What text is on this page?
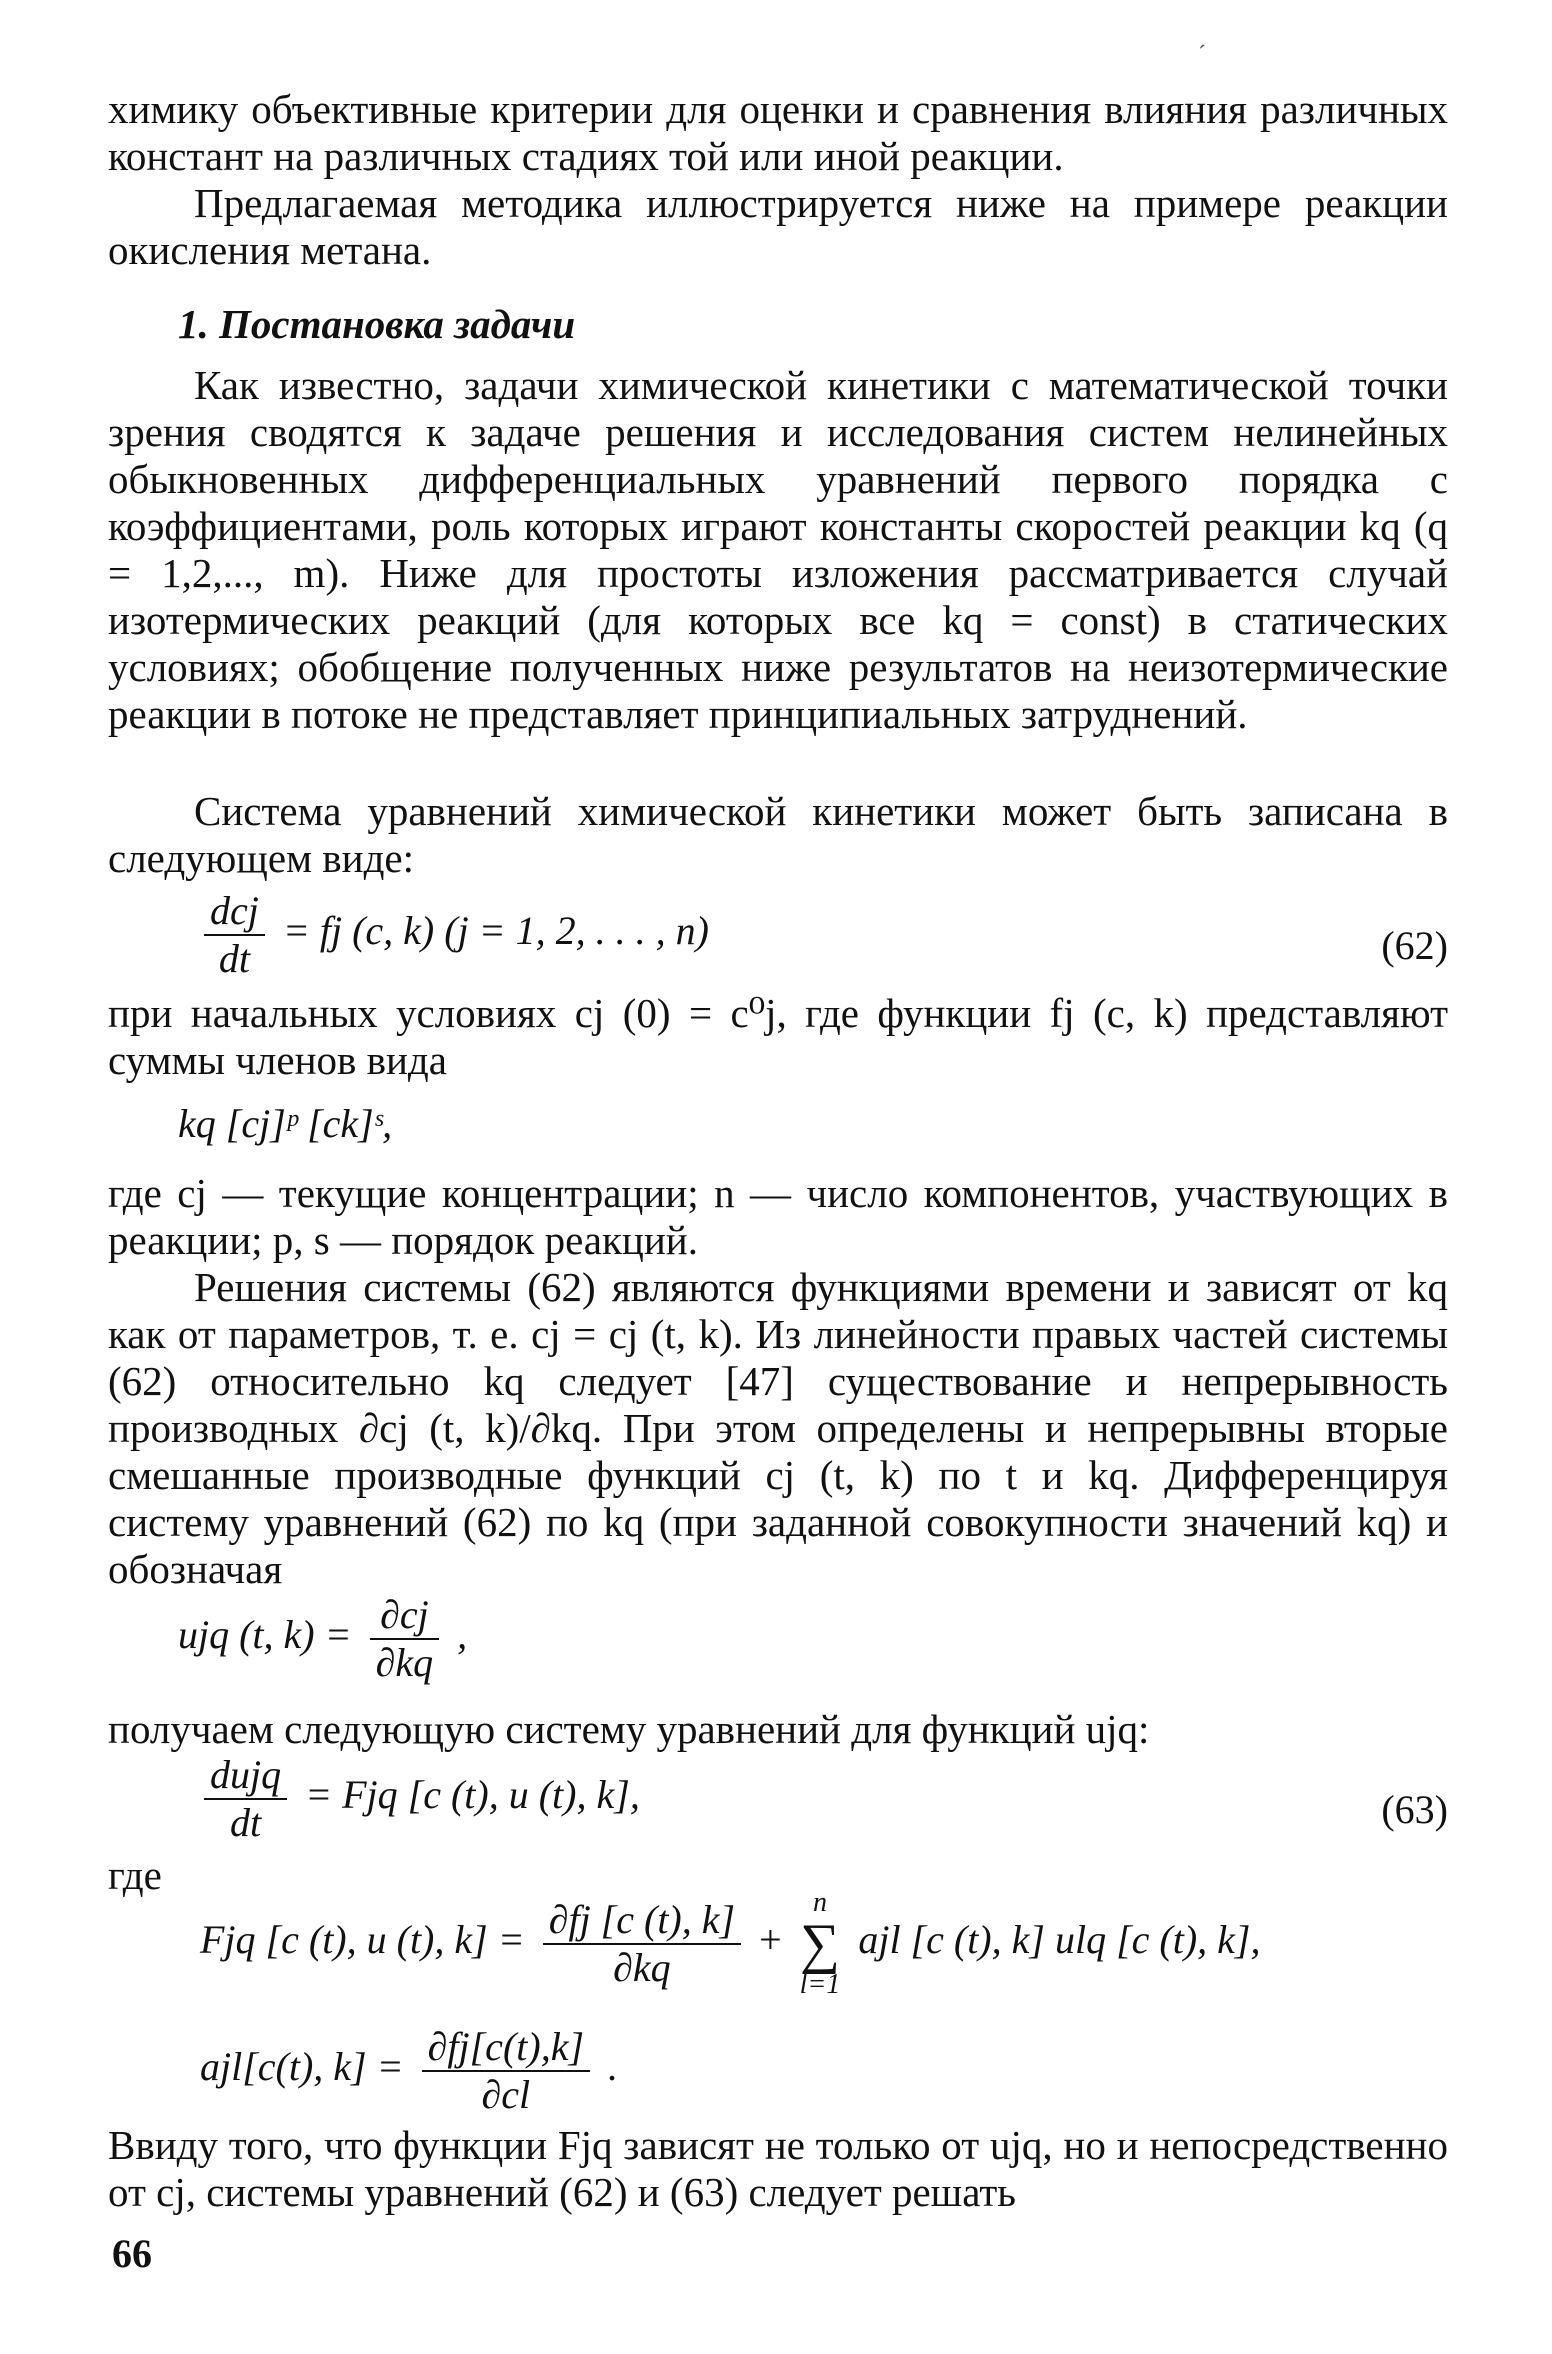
ˊ

химику объективные критерии для оценки и сравнения влияния различных констант на различных стадиях той или иной реакции.

Предлагаемая методика иллюстрируется ниже на примере реакции окисления метана.

1. Постановка задачи

Как известно, задачи химической кинетики с математической точки зрения сводятся к задаче решения и исследования систем нелинейных обыкновенных дифференциальных уравнений первого порядка с коэффициентами, роль которых играют константы скоростей реакции kq (q = 1,2,..., m). Ниже для простоты изложения рассматривается случай изотермических реакций (для которых все kq = const) в статических условиях; обобщение полученных ниже результатов на неизотермические реакции в потоке не представляет принципиальных затруднений.

Система уравнений химической кинетики может быть записана в следующем виде:

$\frac{\text{dcj}}{dt}$ = fj (c, k) (j = 1, 2, . . . , n)	(62)

при начальных условиях cj (0) = c⁰j, где функции fj (c, k) представляют суммы членов вида

kq [cj]ᵖ [ck]ˢ,

где cj — текущие концентрации; n — число компонентов, участвующих в реакции; p, s — порядок реакций.

Решения системы (62) являются функциями времени и зависят от kq как от параметров, т. е. cj = cj (t, k). Из линейности правых частей системы (62) относительно kq следует [47] существование и непрерывность производных ∂cj (t, k)/∂kq. При этом определены и непрерывны вторые смешанные производные функций cj (t, k) по t и kq. Дифференцируя систему уравнений (62) по kq (при заданной совокупности значений kq) и обозначая

ujq (t, $k) = \frac{\partial cj}{\partial kq}$ ,

получаем следующую систему уравнений для функций ujq:

$\frac{\text{dujq}}{dt}$ = Fjq [c (t), u (t), k],	(63)

где

Fjq [c (t), u (t), $k] = \frac{\partial fj [c (t), k]}{\partial kq}$ +
n
∑
l=1
ajl [c (t), k] ulq [c (t), k],
ajl[c(t), $k] = \frac{\partial fj[c(t),k]}{\partial cl}$ .

Ввиду того, что функции Fjq зависят не только от ujq, но и непосредственно от cj, системы уравнений (62) и (63) следует решать

66
